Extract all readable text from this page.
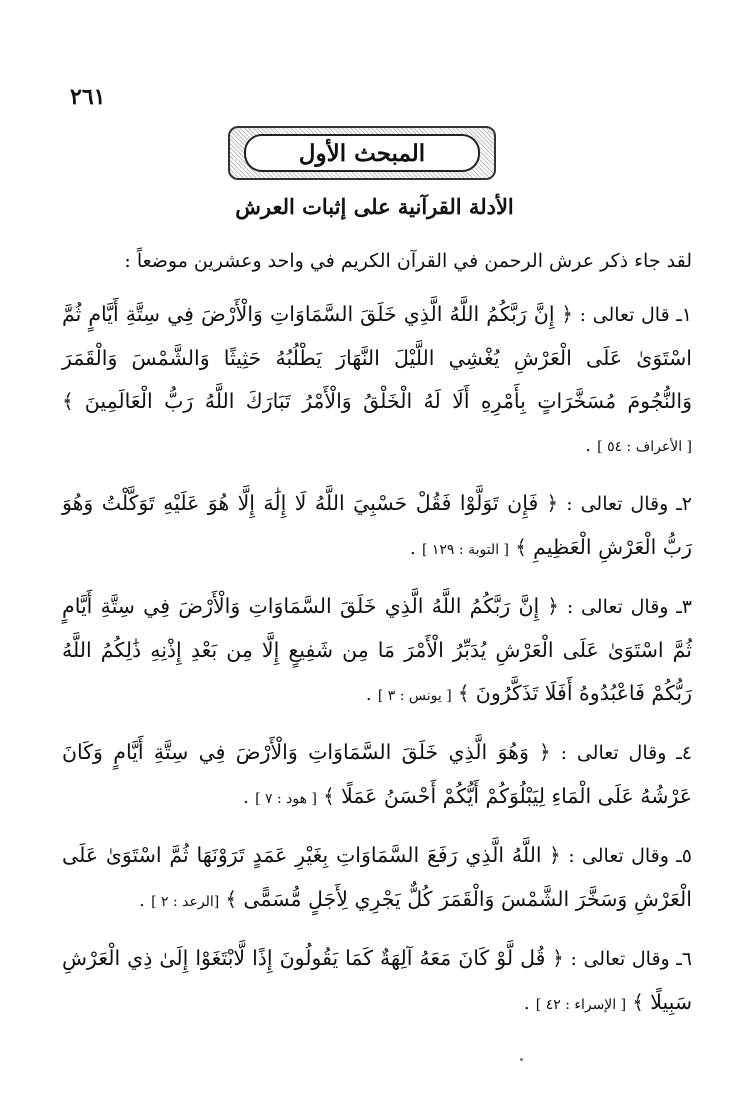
٢٦١
المبحث الأول
الأدلة القرآنية على إثبات العرش

لقد جاء ذكر عرش الرحمن في القرآن الكريم في واحد وعشرين موضعاً :

١ـ قال تعالى : ﴿ إِنَّ رَبَّكُمُ اللَّهُ الَّذِي خَلَقَ السَّمَاوَاتِ وَالْأَرْضَ فِي سِتَّةِ أَيَّامٍ ثُمَّ اسْتَوَىٰ عَلَى الْعَرْشِ يُغْشِي اللَّيْلَ النَّهَارَ يَطْلُبُهُ حَثِيثًا وَالشَّمْسَ وَالْقَمَرَ وَالنُّجُومَ مُسَخَّرَاتٍ بِأَمْرِهِ أَلَا لَهُ الْخَلْقُ وَالْأَمْرُ تَبَارَكَ اللَّهُ رَبُّ الْعَالَمِينَ ﴾ [ الأعراف : ٥٤ ] .

٢ـ وقال تعالى : ﴿ فَإِن تَوَلَّوْا فَقُلْ حَسْبِيَ اللَّهُ لَا إِلَٰهَ إِلَّا هُوَ عَلَيْهِ تَوَكَّلْتُ وَهُوَ رَبُّ الْعَرْشِ الْعَظِيمِ ﴾ [ التوبة : ١٢٩ ] .

٣ـ وقال تعالى : ﴿ إِنَّ رَبَّكُمُ اللَّهُ الَّذِي خَلَقَ السَّمَاوَاتِ وَالْأَرْضَ فِي سِتَّةِ أَيَّامٍ ثُمَّ اسْتَوَىٰ عَلَى الْعَرْشِ يُدَبِّرُ الْأَمْرَ مَا مِن شَفِيعٍ إِلَّا مِن بَعْدِ إِذْنِهِ ذَٰلِكُمُ اللَّهُ رَبُّكُمْ فَاعْبُدُوهُ أَفَلَا تَذَكَّرُونَ ﴾ [ يونس : ٣ ] .

٤ـ وقال تعالى : ﴿ وَهُوَ الَّذِي خَلَقَ السَّمَاوَاتِ وَالْأَرْضَ فِي سِتَّةِ أَيَّامٍ وَكَانَ عَرْشُهُ عَلَى الْمَاءِ لِيَبْلُوَكُمْ أَيُّكُمْ أَحْسَنُ عَمَلًا ﴾ [ هود : ٧ ] .

٥ـ وقال تعالى : ﴿ اللَّهُ الَّذِي رَفَعَ السَّمَاوَاتِ بِغَيْرِ عَمَدٍ تَرَوْنَهَا ثُمَّ اسْتَوَىٰ عَلَى الْعَرْشِ وَسَخَّرَ الشَّمْسَ وَالْقَمَرَ كُلٌّ يَجْرِي لِأَجَلٍ مُّسَمًّى ﴾ [الرعد : ٢ ] .

٦ـ وقال تعالى : ﴿ قُل لَّوْ كَانَ مَعَهُ آلِهَةٌ كَمَا يَقُولُونَ إِذًا لَّابْتَغَوْا إِلَىٰ ذِي الْعَرْشِ سَبِيلًا ﴾ [ الإسراء : ٤٢ ] .
